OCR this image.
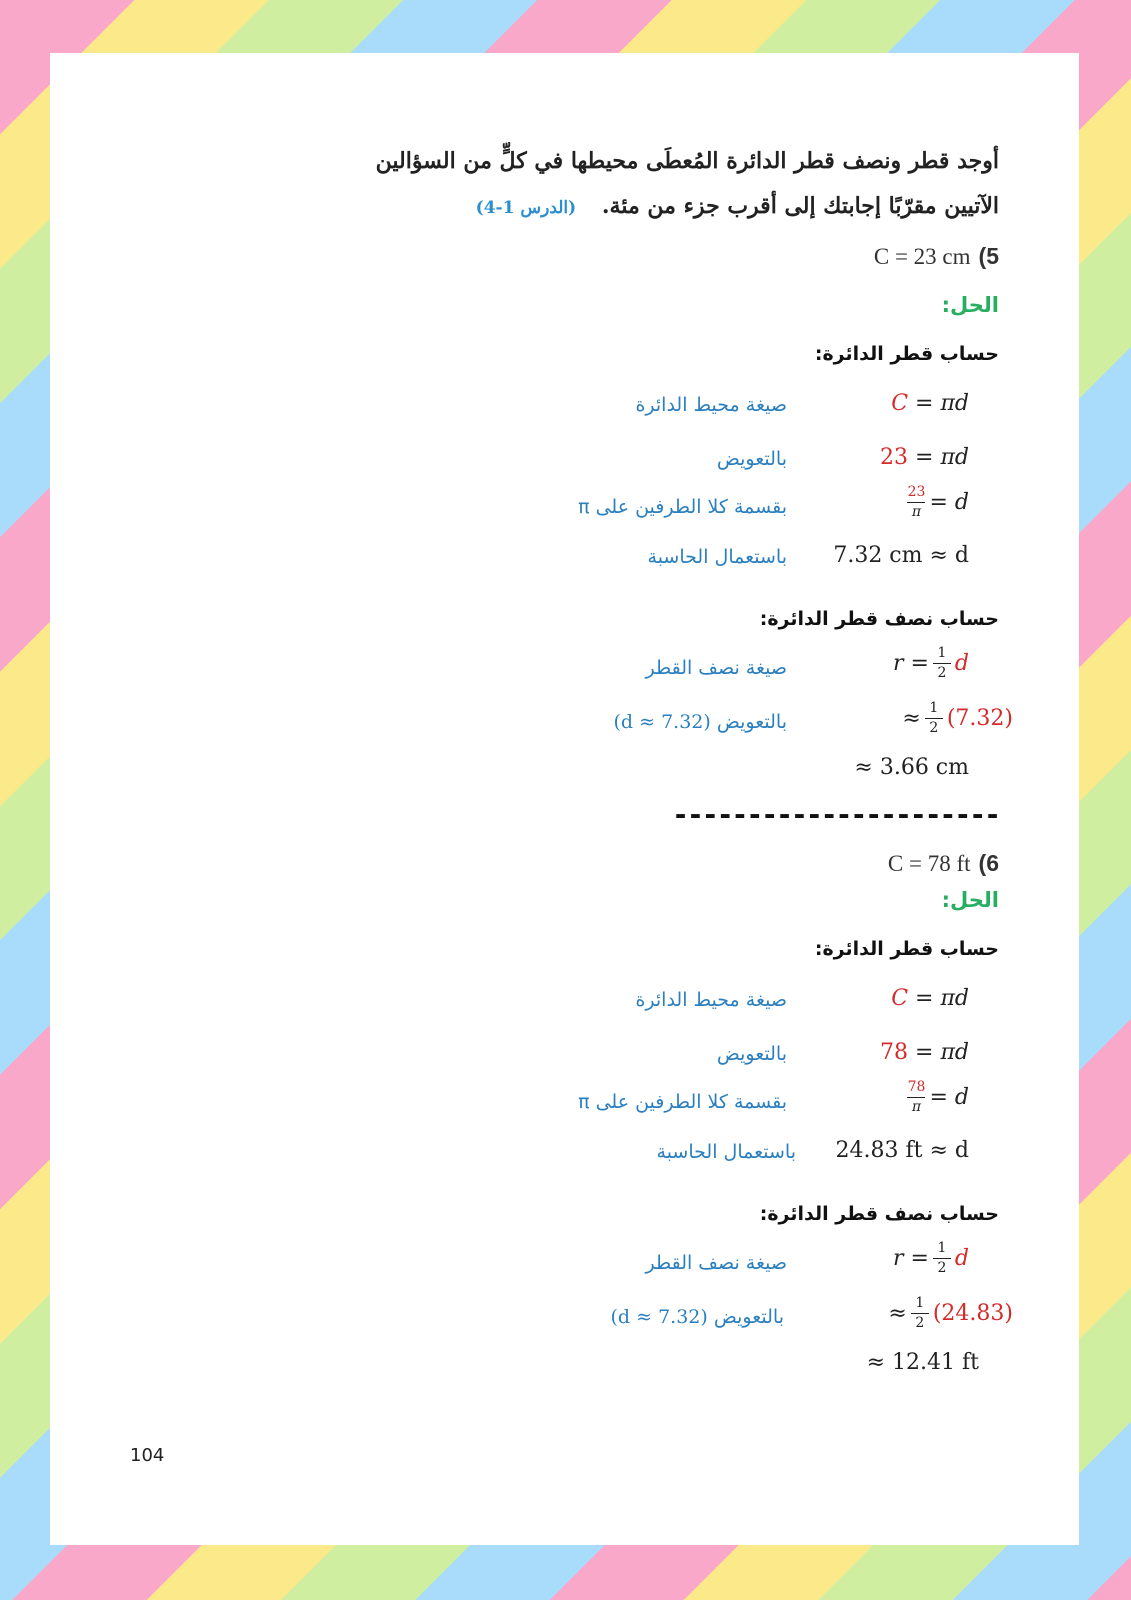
أوجد قطر ونصف قطر الدائرة المُعطَى محيطها في كلٍّ من السؤالين
الآتيين مقرّبًا إجابتك إلى أقرب جزء من مئة. (الدرس 1-4)
5)C = 23 cm
الحل:
حساب قطر الدائرة:
C
= πd
صيغة محيط الدائرة
23
= πd
بالتعويض
$\frac{23}{\pi} = d$
بقسمة كلا الطرفين على π
7.32 cm ≈ d
باستعمال الحاسبة
حساب نصف قطر الدائرة:
$r = \frac{1}{2}$ d
صيغة نصف القطر
≈ $\frac{1}{2} (7.32)$
بالتعويض (d ≈ 7.32)
≈ 3.66 cm
----------------------
6)C = 78 ft
الحل:
حساب قطر الدائرة:
C
= πd
صيغة محيط الدائرة
78
= πd
بالتعويض
$\frac{78}{\pi} = d$
بقسمة كلا الطرفين على π
24.83 ft ≈ d
باستعمال الحاسبة
حساب نصف قطر الدائرة:
$r = \frac{1}{2}$ d
صيغة نصف القطر
≈ $\frac{1}{2} (24.83)$
بالتعويض (d ≈ 7.32)
≈ 12.41 ft
104
